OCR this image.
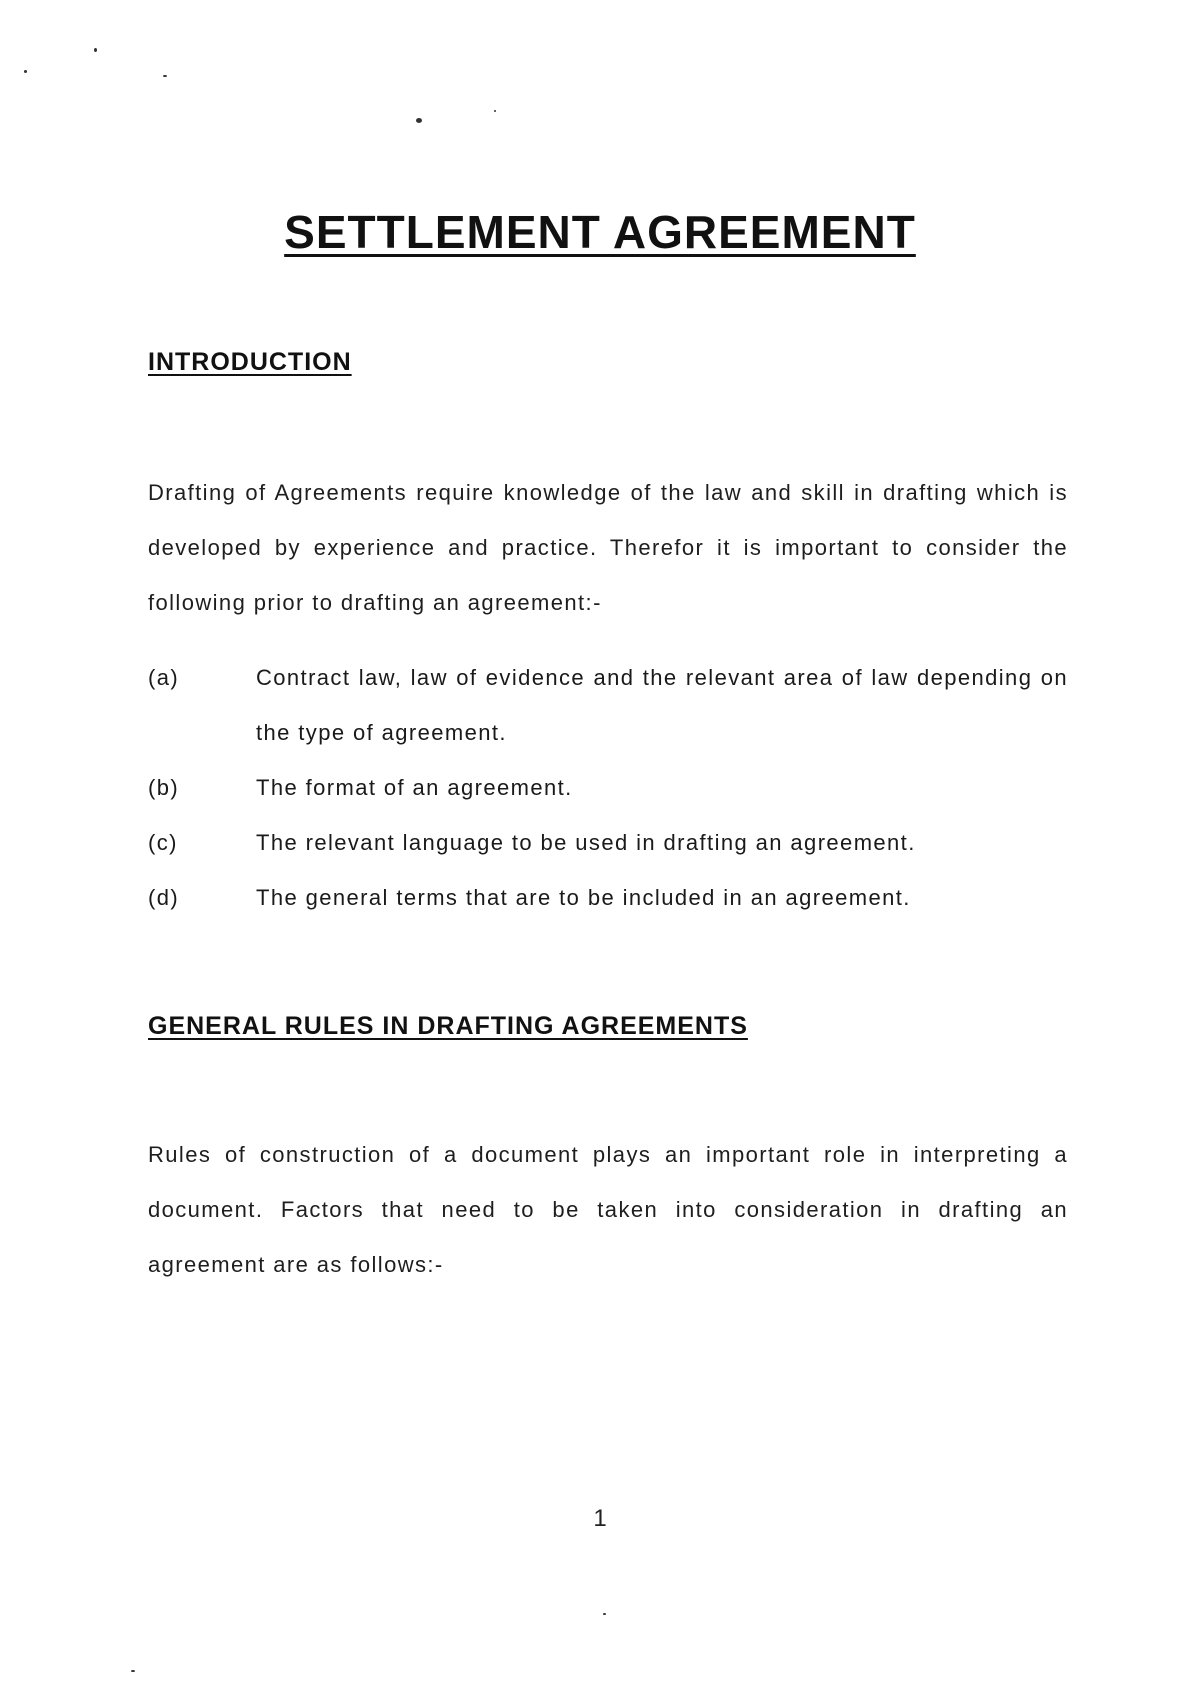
SETTLEMENT AGREEMENT
INTRODUCTION

Drafting of Agreements require knowledge of the law and skill in drafting which is developed by experience and practice. Therefor it is important to consider the following prior to drafting an agreement:-

(a)	Contract law, law of evidence and the relevant area of law depending on the type of agreement.
(b)	The format of an agreement.
(c)	The relevant language to be used in drafting an agreement.
(d)	The general terms that are to be included in an agreement.
GENERAL RULES IN DRAFTING AGREEMENTS

Rules of construction of a document plays an important role in interpreting a document. Factors that need to be taken into consideration in drafting an agreement are as follows:-

1
